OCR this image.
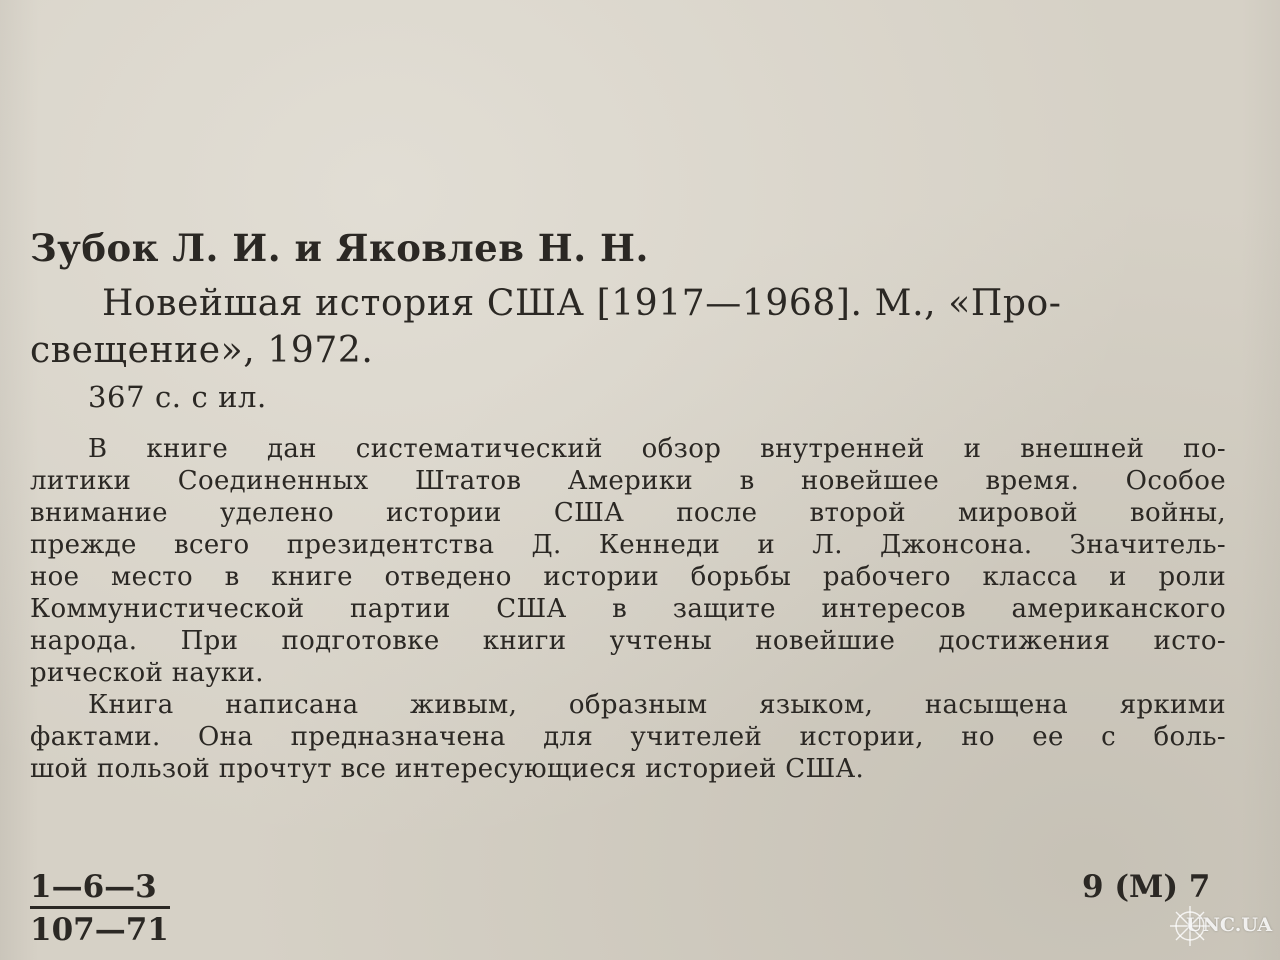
Зубок Л. И. и Яковлев Н. Н.
Новейшая история США [1917—1968]. М., «Про-
свещение», 1972.
367 с. с ил.
В книге дан систематический обзор внутренней и внешней по-
литики Соединенных Штатов Америки в новейшее время. Особое
внимание уделено истории США после второй мировой войны,
прежде всего президентства Д. Кеннеди и Л. Джонсона. Значитель-
ное место в книге отведено истории борьбы рабочего класса и роли
Коммунистической партии США в защите интересов американского
народа. При подготовке книги учтены новейшие достижения исто-
рической науки.
Книга написана живым, образным языком, насыщена яркими
фактами. Она предназначена для учителей истории, но ее с боль-
шой пользой прочтут все интересующиеся историей США.
1—6—3
107—71
9 (М) 7
UNC.UA
